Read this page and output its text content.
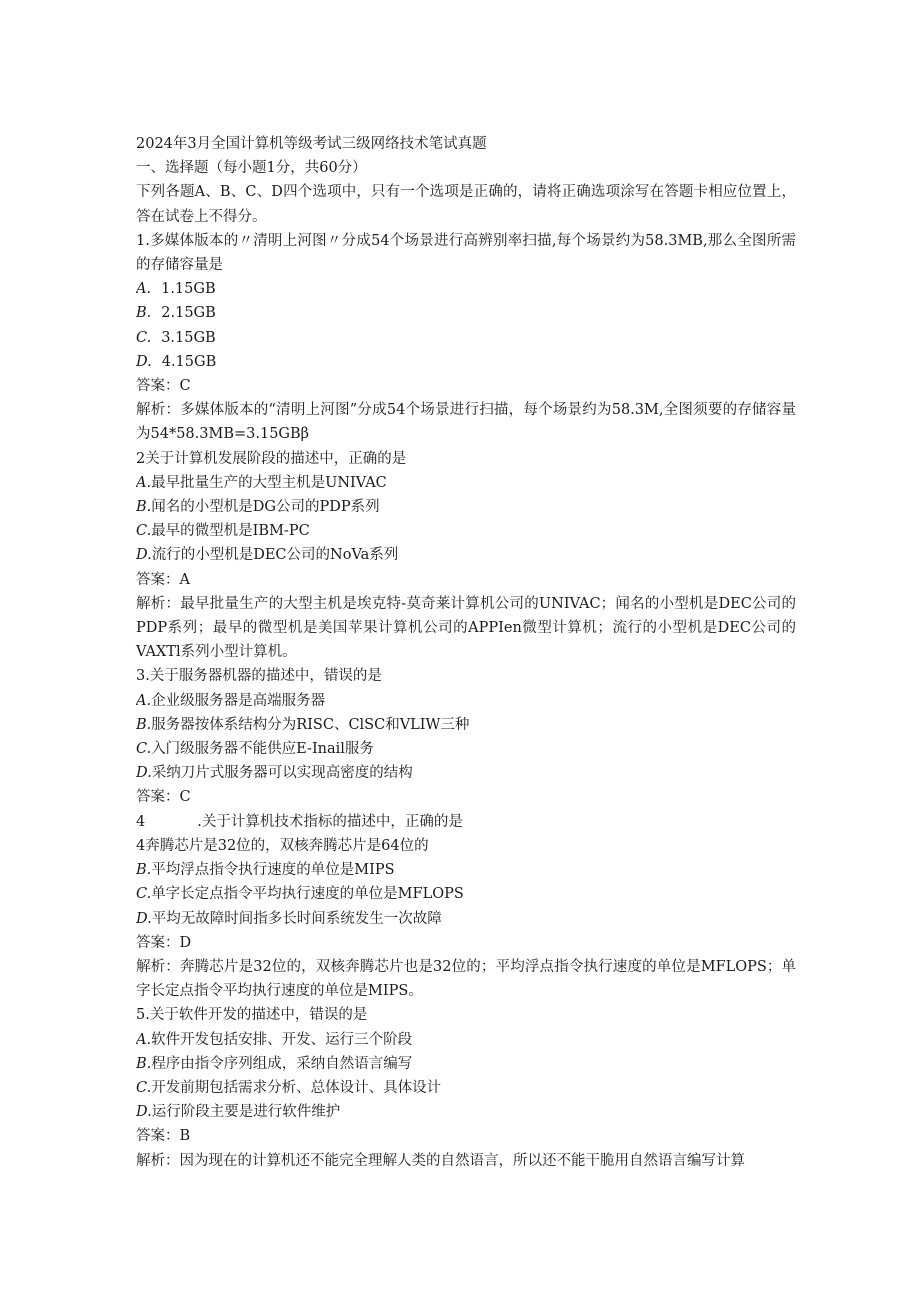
2024年3月全国计算机等级考试三级网络技术笔试真题

一、选择题（每小题1分，共60分）

下列各题A、B、C、D四个选项中，只有一个选项是正确的，请将正确选项涂写在答题卡相应位置上，答在试卷上不得分。

1.多媒体版本的〃清明上河图〃分成54个场景进行高辨别率扫描,每个场景约为58.3MB,那么全图所需的存储容量是

A. 1.15GB

B. 2.15GB

C. 3.15GB

D. 4.15GB

答案：C

解析：多媒体版本的“清明上河图”分成54个场景进行扫描，每个场景约为58.3M,全图须要的存储容量为54*58.3MB=3.15GBβ

2关于计算机发展阶段的描述中，正确的是

A.最早批量生产的大型主机是UNIVAC

B.闻名的小型机是DG公司的PDP系列

C.最早的微型机是IBM-PC

D.流行的小型机是DEC公司的NoVa系列

答案：A

解析：最早批量生产的大型主机是埃克特-莫奇莱计算机公司的UNIVAC；闻名的小型机是DEC公司的PDP系列；最早的微型机是美国苹果计算机公司的APPIen微型计算机；流行的小型机是DEC公司的VAXTl系列小型计算机。

3.关于服务器机器的描述中，错误的是

A.企业级服务器是高端服务器

B.服务器按体系结构分为RISC、ClSC和VLIW三种

C.入门级服务器不能供应E-Inail服务

D.采纳刀片式服务器可以实现高密度的结构

答案：C

4	.关于计算机技术指标的描述中，正确的是

4奔腾芯片是32位的，双核奔腾芯片是64位的

B.平均浮点指令执行速度的单位是MIPS

C.单字长定点指令平均执行速度的单位是MFLOPS

D.平均无故障时间指多长时间系统发生一次故障

答案：D

解析：奔腾芯片是32位的，双核奔腾芯片也是32位的；平均浮点指令执行速度的单位是MFLOPS；单字长定点指令平均执行速度的单位是MIPS。

5.关于软件开发的描述中，错误的是

A.软件开发包括安排、开发、运行三个阶段

B.程序由指令序列组成，采纳自然语言编写

C.开发前期包括需求分析、总体设计、具体设计

D.运行阶段主要是进行软件维护

答案：B

解析：因为现在的计算机还不能完全理解人类的自然语言，所以还不能干脆用自然语言编写计算
